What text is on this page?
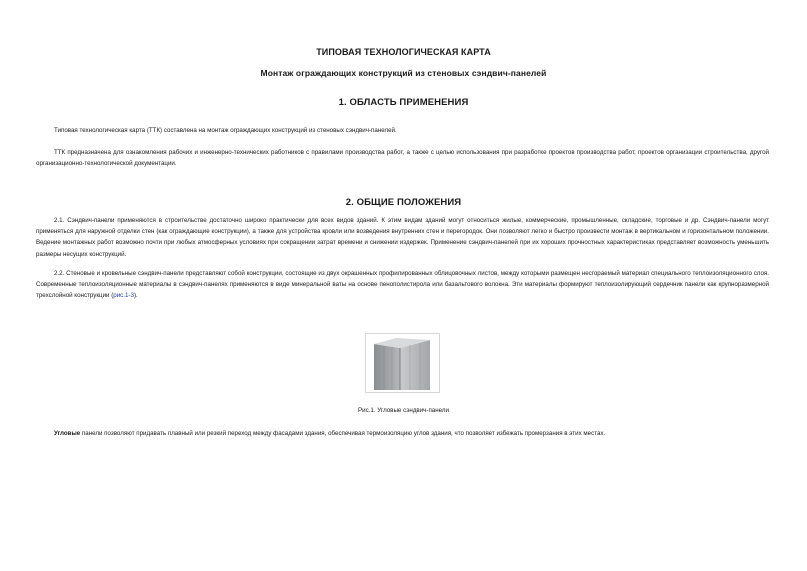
ТИПОВАЯ ТЕХНОЛОГИЧЕСКАЯ КАРТА
Монтаж ограждающих конструкций из стеновых сэндвич-панелей
1. ОБЛАСТЬ ПРИМЕНЕНИЯ

Типовая технологическая карта (ТТК) составлена на монтаж ограждающих конструкций из стеновых сэндвич-панелей.

ТТК предназначена для ознакомления рабочих и инженерно-технических работников с правилами производства работ, а также с целью использования при разработке проектов производства работ, проектов организации строительства, другой организационно-технологической документации.

2. ОБЩИЕ ПОЛОЖЕНИЯ

2.1. Сэндвич-панели применяются в строительстве достаточно широко практически для всех видов зданий. К этим видам зданий могут относиться жилые, коммерческие, промышленные, складские, торговые и др. Сэндвич-панели могут применяться для наружной отделки стен (как ограждающие конструкции), а также для устройства кровли или возведения внутренних стен и перегородок. Они позволяют легко и быстро произвести монтаж в вертикальном и горизонтальном положении. Ведение монтажных работ возможно почти при любых атмосферных условиях при сокращении затрат времени и снижении издержек. Применение сэндвич-панелей при их хороших прочностных характеристиках представляет возможность уменьшить размеры несущих конструкций.

2.2. Стеновые и кровельные сэндвич-панели представляют собой конструкции, состоящие из двух окрашенных профилированных облицовочных листов, между которыми размещен несгораемый материал специального теплоизоляционного слоя. Современные теплоизоляционные материалы в сэндвич-панелях применяются в виде минеральной ваты на основе пенополистирола или базальтового волокна. Эти материалы формируют теплоизолирующий сердечник панели как крупноразмерной трехслойной конструкции (рис.1-3).

Рис.1. Угловые сэндвич-панели

Угловые панели позволяют придавать плавный или резкий переход между фасадами здания, обеспечивая термоизоляцию углов здания, что позволяет избежать промерзания в этих местах.
